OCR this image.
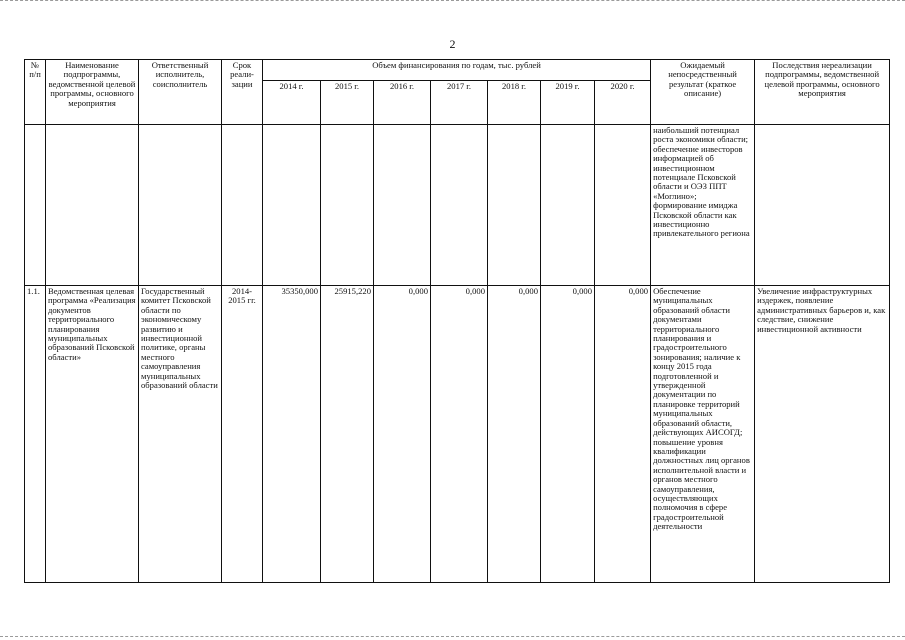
2
№ п/п	Наименование подпрограммы, ведомственной целевой программы, основного мероприятия	Ответственный исполнитель, соисполнитель	Срок реали-зации	Объем финансирования по годам, тыс. рублей							Ожидаемый непосредственный результат (краткое описание)	Последствия нереализации подпрограммы, ведомственной целевой программы, основного мероприятия
				2014 г.	2015 г.	2016 г.	2017 г.	2018 г.	2019 г.	2020 г.		
											наибольший потенциал роста экономики области; обеспечение инвесторов информацией об инвестиционном потенциале Псковской области и ОЭЗ ППТ «Моглино»; формирование имиджа Псковской области как инвестиционно привлекательного региона	
1.1.	Ведомственная целевая программа «Реализация документов территориального планирования муниципальных образований Псковской области»	Государственный комитет Псковской области по экономическому развитию и инвестиционной политике, органы местного самоуправления муниципальных образований области	2014-2015 гг.	35350,000	25915,220	0,000	0,000	0,000	0,000	0,000	Обеспечение муниципальных образований области документами территориального планирования и градостроительного зонирования; наличие к концу 2015 года подготовленной и утвержденной документации по планировке территорий муниципальных образований области, действующих АИСОГД; повышение уровня квалификации должностных лиц органов исполнительной власти и органов местного самоуправления, осуществляющих полномочия в сфере градостроительной деятельности	Увеличение инфраструктурных издержек, появление административных барьеров и, как следствие, снижение инвестиционной активности
